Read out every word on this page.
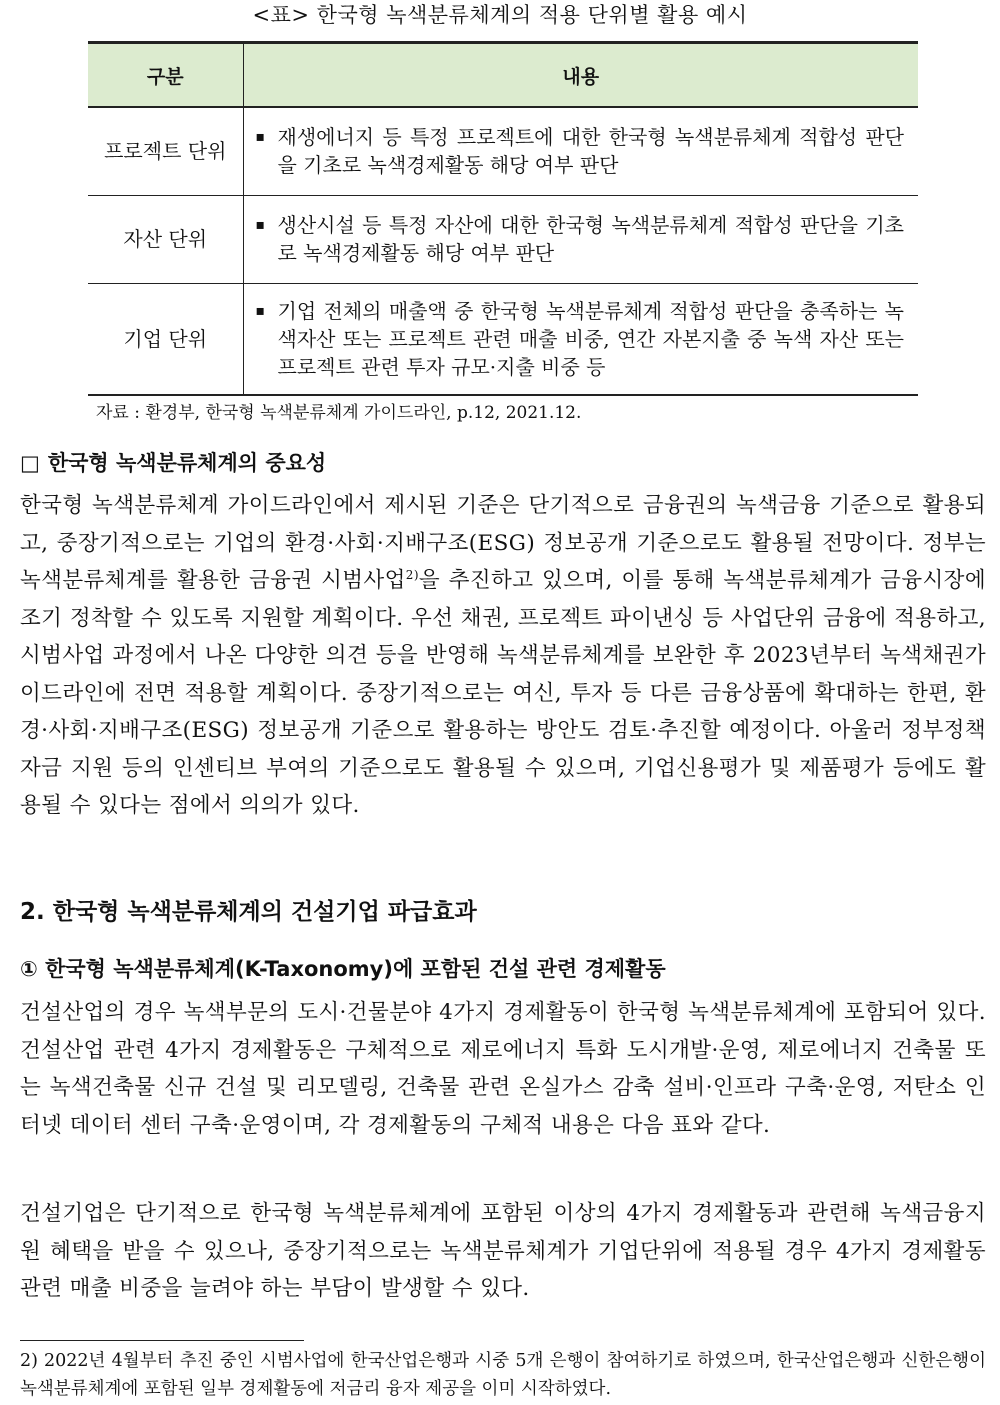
<표> 한국형 녹색분류체계의 적용 단위별 활용 예시
구분	내용
프로젝트 단위	▪ 재생에너지 등 특정 프로젝트에 대한 한국형 녹색분류체계 적합성 판단을 기초로 녹색경제활동 해당 여부 판단

자산 단위	▪ 생산시설 등 특정 자산에 대한 한국형 녹색분류체계 적합성 판단을 기초로 녹색경제활동 해당 여부 판단

기업 단위	▪ 기업 전체의 매출액 중 한국형 녹색분류체계 적합성 판단을 충족하는 녹색자산 또는 프로젝트 관련 매출 비중, 연간 자본지출 중 녹색 자산 또는 프로젝트 관련 투자 규모·지출 비중 등
자료 : 환경부, 한국형 녹색분류체계 가이드라인, p.12, 2021.12.
□ 한국형 녹색분류체계의 중요성
한국형 녹색분류체계 가이드라인에서 제시된 기준은 단기적으로 금융권의 녹색금융 기준으로 활용되고, 중장기적으로는 기업의 환경·사회·지배구조(ESG) 정보공개 기준으로도 활용될 전망이다. 정부는 녹색분류체계를 활용한 금융권 시범사업$^{2)}$을 추진하고 있으며, 이를 통해 녹색분류체계가 금융시장에 조기 정착할 수 있도록 지원할 계획이다. 우선 채권, 프로젝트 파이낸싱 등 사업단위 금융에 적용하고, 시범사업 과정에서 나온 다양한 의견 등을 반영해 녹색분류체계를 보완한 후 2023년부터 녹색채권가이드라인에 전면 적용할 계획이다. 중장기적으로는 여신, 투자 등 다른 금융상품에 확대하는 한편, 환경·사회·지배구조(ESG) 정보공개 기준으로 활용하는 방안도 검토·추진할 예정이다. 아울러 정부정책자금 지원 등의 인센티브 부여의 기준으로도 활용될 수 있으며, 기업신용평가 및 제품평가 등에도 활용될 수 있다는 점에서 의의가 있다.
2. 한국형 녹색분류체계의 건설기업 파급효과
① 한국형 녹색분류체계(K-Taxonomy)에 포함된 건설 관련 경제활동
건설산업의 경우 녹색부문의 도시·건물분야 4가지 경제활동이 한국형 녹색분류체계에 포함되어 있다. 건설산업 관련 4가지 경제활동은 구체적으로 제로에너지 특화 도시개발·운영, 제로에너지 건축물 또는 녹색건축물 신규 건설 및 리모델링, 건축물 관련 온실가스 감축 설비·인프라 구축·운영, 저탄소 인터넷 데이터 센터 구축·운영이며, 각 경제활동의 구체적 내용은 다음 표와 같다.
건설기업은 단기적으로 한국형 녹색분류체계에 포함된 이상의 4가지 경제활동과 관련해 녹색금융지원 혜택을 받을 수 있으나, 중장기적으로는 녹색분류체계가 기업단위에 적용될 경우 4가지 경제활동 관련 매출 비중을 늘려야 하는 부담이 발생할 수 있다.
2) 2022년 4월부터 추진 중인 시범사업에 한국산업은행과 시중 5개 은행이 참여하기로 하였으며, 한국산업은행과 신한은행이 녹색분류체계에 포함된 일부 경제활동에 저금리 융자 제공을 이미 시작하였다.
